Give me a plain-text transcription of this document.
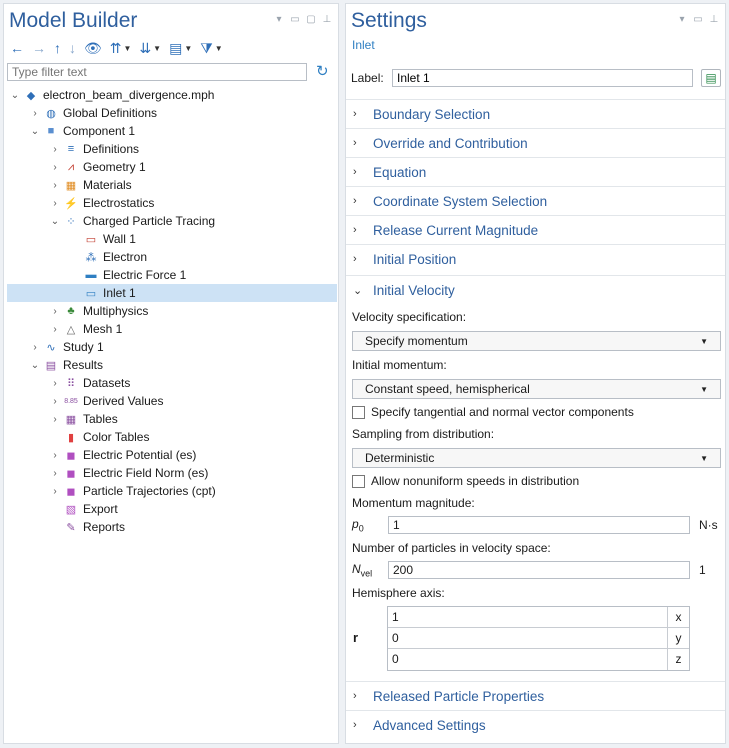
Model Builder	▾ ▭ ▢ ⊥
← → ↑ ↓ 👁 ⇈ ▼ ⇊ ▼ ▤ ▼ ⧩ ▼
Type filter text
↻
⌄ ◆ electron_beam_divergence.mph
› ◍ Global Definitions
⌄ ■ Component 1
›	≡ Definitions
›	⩘ Geometry 1
› ▦ Materials
› ⚡ Electrostatics
⌄ ⁘ Charged Particle Tracing
▭ Wall 1
⁂ Electron
▬ Electric Force 1
▭ Inlet 1
› ♣ Multiphysics
› △ Mesh 1
› ∿ Study 1
⌄ ▤ Results
› ⠿ Datasets
›	8.85 Derived Values
› ▦ Tables
▮ Color Tables
› ◼ Electric Potential (es)
› ◼ Electric Field Norm (es)
› ◼ Particle Trajectories (cpt)
▧ Export
✎ Reports
Settings
Inlet
▾ ▭ ⊥
Label:
Inlet 1	▤
›	Boundary Selection
›	Override and Contribution
›	Equation
›	Coordinate System Selection
›	Release Current Magnitude
›	Initial Position
⌄ Initial Velocity
Velocity specification:
Specify momentum	▼
Initial momentum:
Constant speed, hemispherical	▼
Specify tangential and normal vector components
Sampling from distribution:
Deterministic	▼
Allow nonuniform speeds in distribution
Momentum magnitude:
$p_0$	1	N·s
Number of particles in velocity space:
$N_{vel}$	200	1
Hemisphere axis:
r
1	x
0	y
0	z
›	Released Particle Properties
›	Advanced Settings
